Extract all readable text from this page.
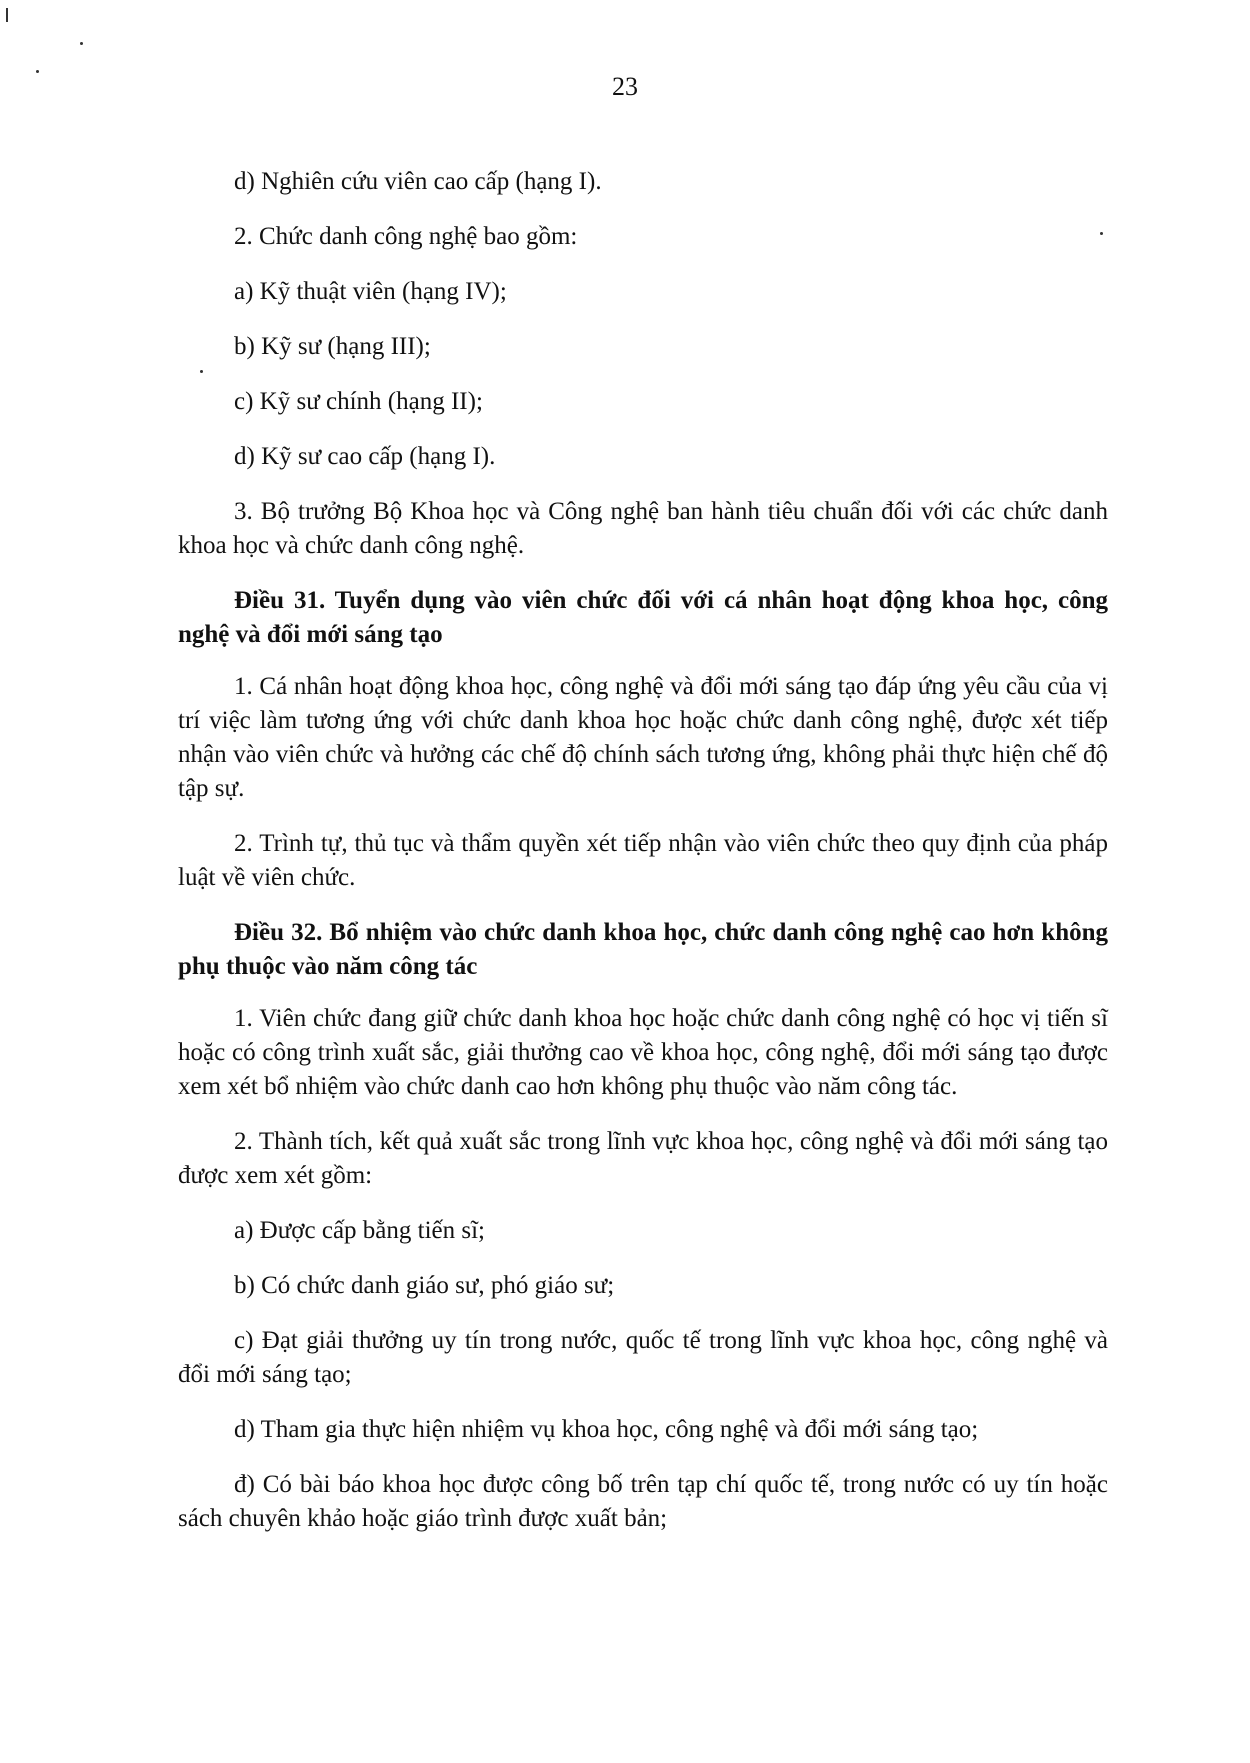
23

d) Nghiên cứu viên cao cấp (hạng I).

2. Chức danh công nghệ bao gồm:

a) Kỹ thuật viên (hạng IV);

b) Kỹ sư (hạng III);

c) Kỹ sư chính (hạng II);

d) Kỹ sư cao cấp (hạng I).

3. Bộ trưởng Bộ Khoa học và Công nghệ ban hành tiêu chuẩn đối với các chức danh khoa học và chức danh công nghệ.

Điều 31. Tuyển dụng vào viên chức đối với cá nhân hoạt động khoa học, công nghệ và đổi mới sáng tạo

1. Cá nhân hoạt động khoa học, công nghệ và đổi mới sáng tạo đáp ứng yêu cầu của vị trí việc làm tương ứng với chức danh khoa học hoặc chức danh công nghệ, được xét tiếp nhận vào viên chức và hưởng các chế độ chính sách tương ứng, không phải thực hiện chế độ tập sự.

2. Trình tự, thủ tục và thẩm quyền xét tiếp nhận vào viên chức theo quy định của pháp luật về viên chức.

Điều 32. Bổ nhiệm vào chức danh khoa học, chức danh công nghệ cao hơn không phụ thuộc vào năm công tác

1. Viên chức đang giữ chức danh khoa học hoặc chức danh công nghệ có học vị tiến sĩ hoặc có công trình xuất sắc, giải thưởng cao về khoa học, công nghệ, đổi mới sáng tạo được xem xét bổ nhiệm vào chức danh cao hơn không phụ thuộc vào năm công tác.

2. Thành tích, kết quả xuất sắc trong lĩnh vực khoa học, công nghệ và đổi mới sáng tạo được xem xét gồm:

a) Được cấp bằng tiến sĩ;

b) Có chức danh giáo sư, phó giáo sư;

c) Đạt giải thưởng uy tín trong nước, quốc tế trong lĩnh vực khoa học, công nghệ và đổi mới sáng tạo;

d) Tham gia thực hiện nhiệm vụ khoa học, công nghệ và đổi mới sáng tạo;

đ) Có bài báo khoa học được công bố trên tạp chí quốc tế, trong nước có uy tín hoặc sách chuyên khảo hoặc giáo trình được xuất bản;
